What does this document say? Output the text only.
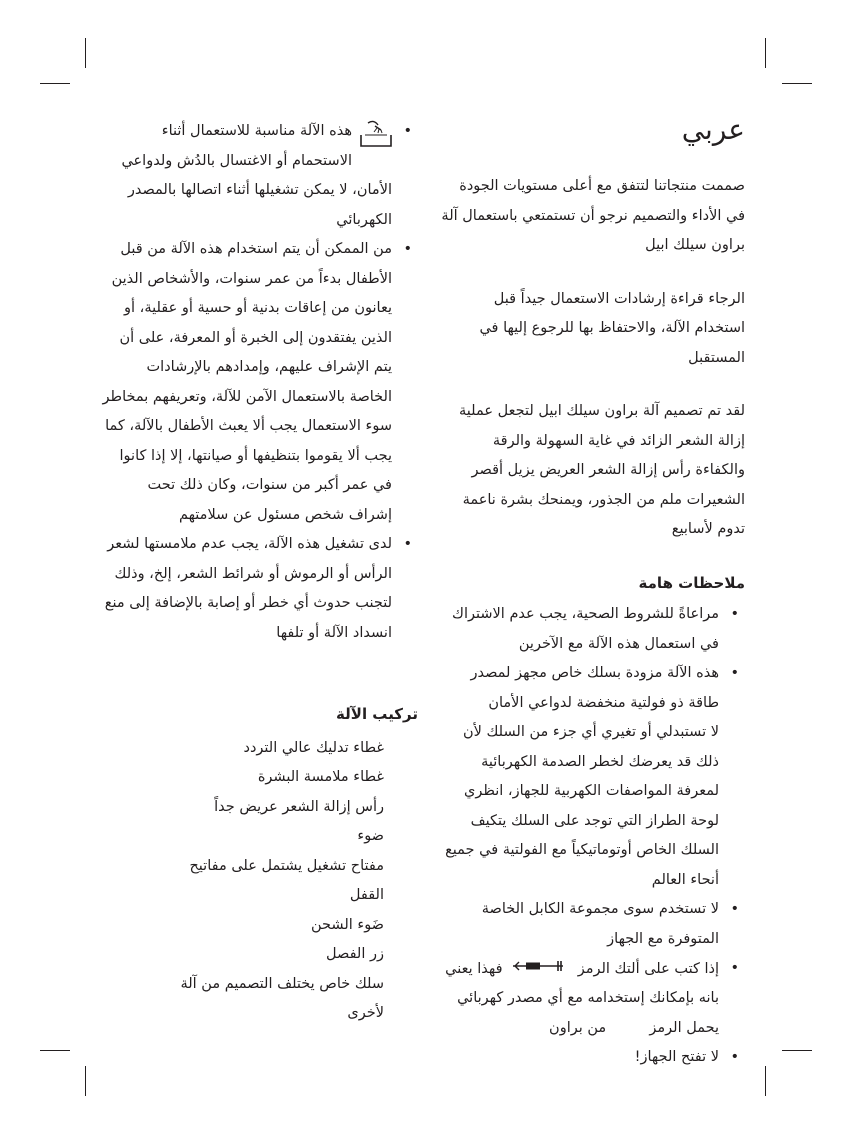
عربي

صممت منتجاتنا لتتفق مع أعلى مستويات الجودة في الأداء والتصميم نرجو أن تستمتعي باستعمال آلة براون سيلك ابيل

الرجاء قراءة إرشادات الاستعمال جيداً قبل استخدام الآلة، والاحتفاظ بها للرجوع إليها في المستقبل

لقد تم تصميم آلة براون سيلك ابيل لتجعل عملية إزالة الشعر الزائد في غاية السهولة والرقة والكفاءة رأس إزالة الشعر العريض يزيل أقصر الشعيرات ملم من الجذور، ويمنحك بشرة ناعمة تدوم لأسابيع

ملاحظات هامة

• مراعاةً للشروط الصحية، يجب عدم الاشتراك في استعمال هذه الآلة مع الآخرين
• هذه الآلة مزودة بسلك خاص مجهز لمصدر طاقة ذو فولتية منخفضة لدواعي الأمان

لا تستبدلي أو تغيري أي جزء من السلك لأن ذلك قد يعرضك لخطر الصدمة الكهربائية لمعرفة المواصفات الكهربية للجهاز، انظري لوحة الطراز التي توجد على السلك يتكيف السلك الخاص أوتوماتيكياً مع الفولتية في جميع أنحاء العالم

• لا تستخدم سوى مجموعة الكابل الخاصة المتوفرة مع الجهاز
• إذا كتب على ألتك الرمز  فهذا يعني بانه بإمكانك إستخدامه مع أي مصدر كهربائي يحمل الرمز  من براون
• لا تفتح الجهاز!
• هذه الآلة مناسبة للاستعمال أثناء الاستحمام أو الاغتسال بالدُش ولدواعي الأمان، لا يمكن تشغيلها أثناء اتصالها بالمصدر الكهربائي
• من الممكن أن يتم استخدام هذه الآلة من قبل الأطفال بدءاً من عمر سنوات، والأشخاص الذين يعانون من إعاقات بدنية أو حسية أو عقلية، أو الذين يفتقدون إلى الخبرة أو المعرفة، على أن يتم الإشراف عليهم، وإمدادهم بالإرشادات الخاصة بالاستعمال الآمن للآلة، وتعريفهم بمخاطر سوء الاستعمال يجب ألا يعبث الأطفال بالآلة، كما يجب ألا يقوموا بتنظيفها أو صيانتها، إلا إذا كانوا في عمر أكبر من سنوات، وكان ذلك تحت إشراف شخص مسئول عن سلامتهم
• لدى تشغيل هذه الآلة، يجب عدم ملامستها لشعر الرأس أو الرموش أو شرائط الشعر، إلخ، وذلك لتجنب حدوث أي خطر أو إصابة بالإضافة إلى منع انسداد الآلة أو تلفها

تركيب الآلة

غطاء تدليك عالي التردد

غطاء ملامسة البشرة

رأس إزالة الشعر عريض جداً

ضوء

مفتاح تشغيل يشتمل على مفاتيح القفل

ضَوء الشحن

زر الفصل

سلك خاص يختلف التصميم من آلة لأخرى
